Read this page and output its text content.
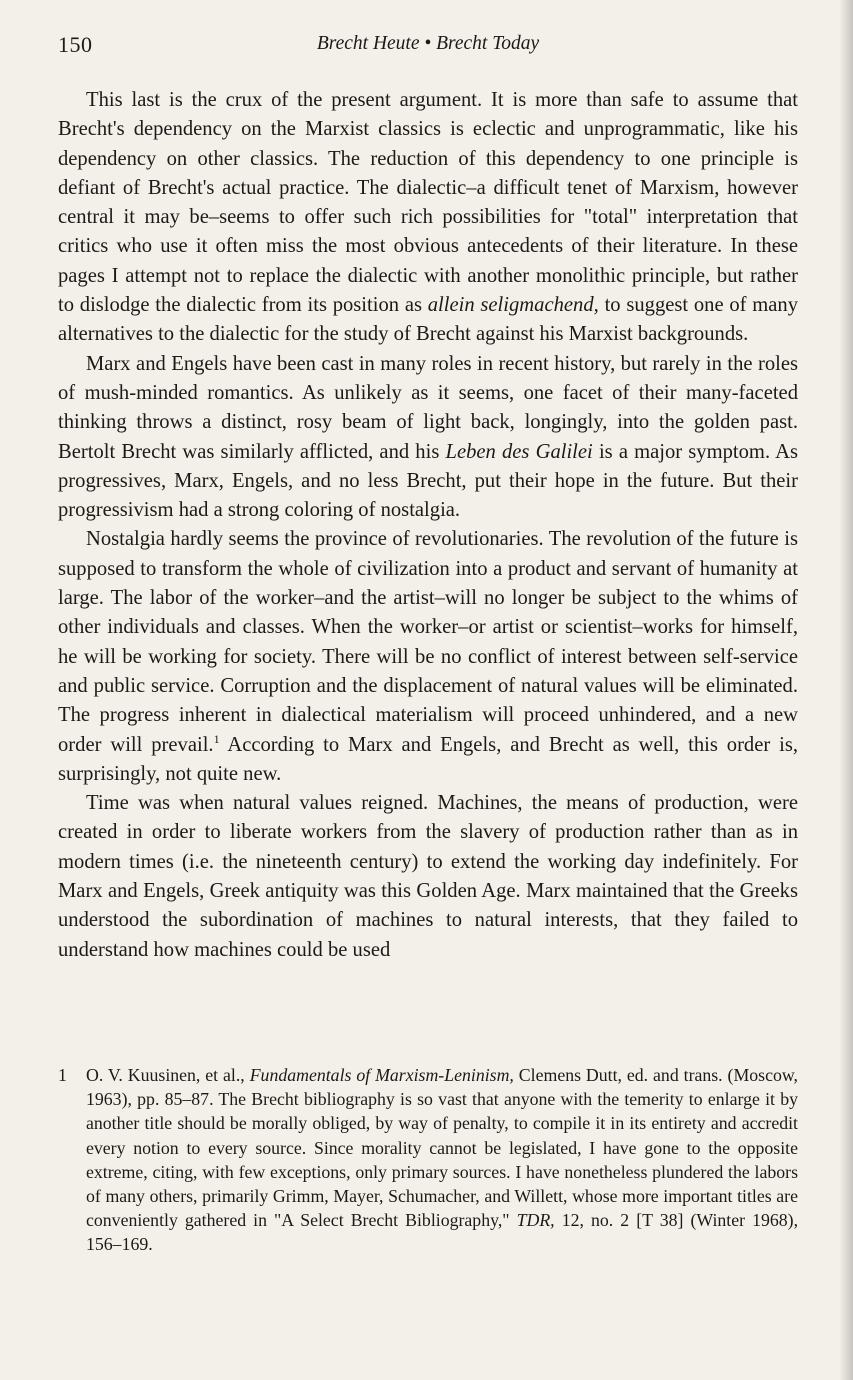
150	Brecht Heute • Brecht Today

This last is the crux of the present argument. It is more than safe to assume that Brecht's dependency on the Marxist classics is eclectic and unprogrammatic, like his dependency on other classics. The reduction of this dependency to one principle is defiant of Brecht's actual practice. The dialectic–a difficult tenet of Marxism, however central it may be–seems to offer such rich possibilities for "total" interpretation that critics who use it often miss the most obvious antecedents of their literature. In these pages I attempt not to replace the dialectic with another monolithic principle, but rather to dislodge the dialectic from its position as allein seligmachend, to suggest one of many alternatives to the dialectic for the study of Brecht against his Marxist backgrounds.

Marx and Engels have been cast in many roles in recent history, but rarely in the roles of mush-minded romantics. As unlikely as it seems, one facet of their many-faceted thinking throws a distinct, rosy beam of light back, longingly, into the golden past. Bertolt Brecht was similarly afflicted, and his Leben des Galilei is a major symptom. As progressives, Marx, Engels, and no less Brecht, put their hope in the future. But their progressivism had a strong coloring of nostalgia.

Nostalgia hardly seems the province of revolutionaries. The revolution of the future is supposed to transform the whole of civilization into a product and servant of humanity at large. The labor of the worker–and the artist–will no longer be subject to the whims of other individuals and classes. When the worker–or artist or scientist–works for himself, he will be working for society. There will be no conflict of interest between self-service and public service. Corruption and the displacement of natural values will be eliminated. The progress inherent in dialectical materialism will proceed unhindered, and a new order will prevail.$^1$ According to Marx and Engels, and Brecht as well, this order is, surprisingly, not quite new.

Time was when natural values reigned. Machines, the means of production, were created in order to liberate workers from the slavery of production rather than as in modern times (i.e. the nineteenth century) to extend the working day indefinitely. For Marx and Engels, Greek antiquity was this Golden Age. Marx maintained that the Greeks understood the subordination of machines to natural interests, that they failed to understand how machines could be used

1 O. V. Kuusinen, et al., Fundamentals of Marxism-Leninism, Clemens Dutt, ed. and trans. (Moscow, 1963), pp. 85–87. The Brecht bibliography is so vast that anyone with the temerity to enlarge it by another title should be morally obliged, by way of penalty, to compile it in its entirety and accredit every notion to every source. Since morality cannot be legislated, I have gone to the opposite extreme, citing, with few exceptions, only primary sources. I have nonetheless plundered the labors of many others, primarily Grimm, Mayer, Schumacher, and Willett, whose more important titles are conveniently gathered in "A Select Brecht Bibliography," TDR, 12, no. 2 [T 38] (Winter 1968), 156–169.
